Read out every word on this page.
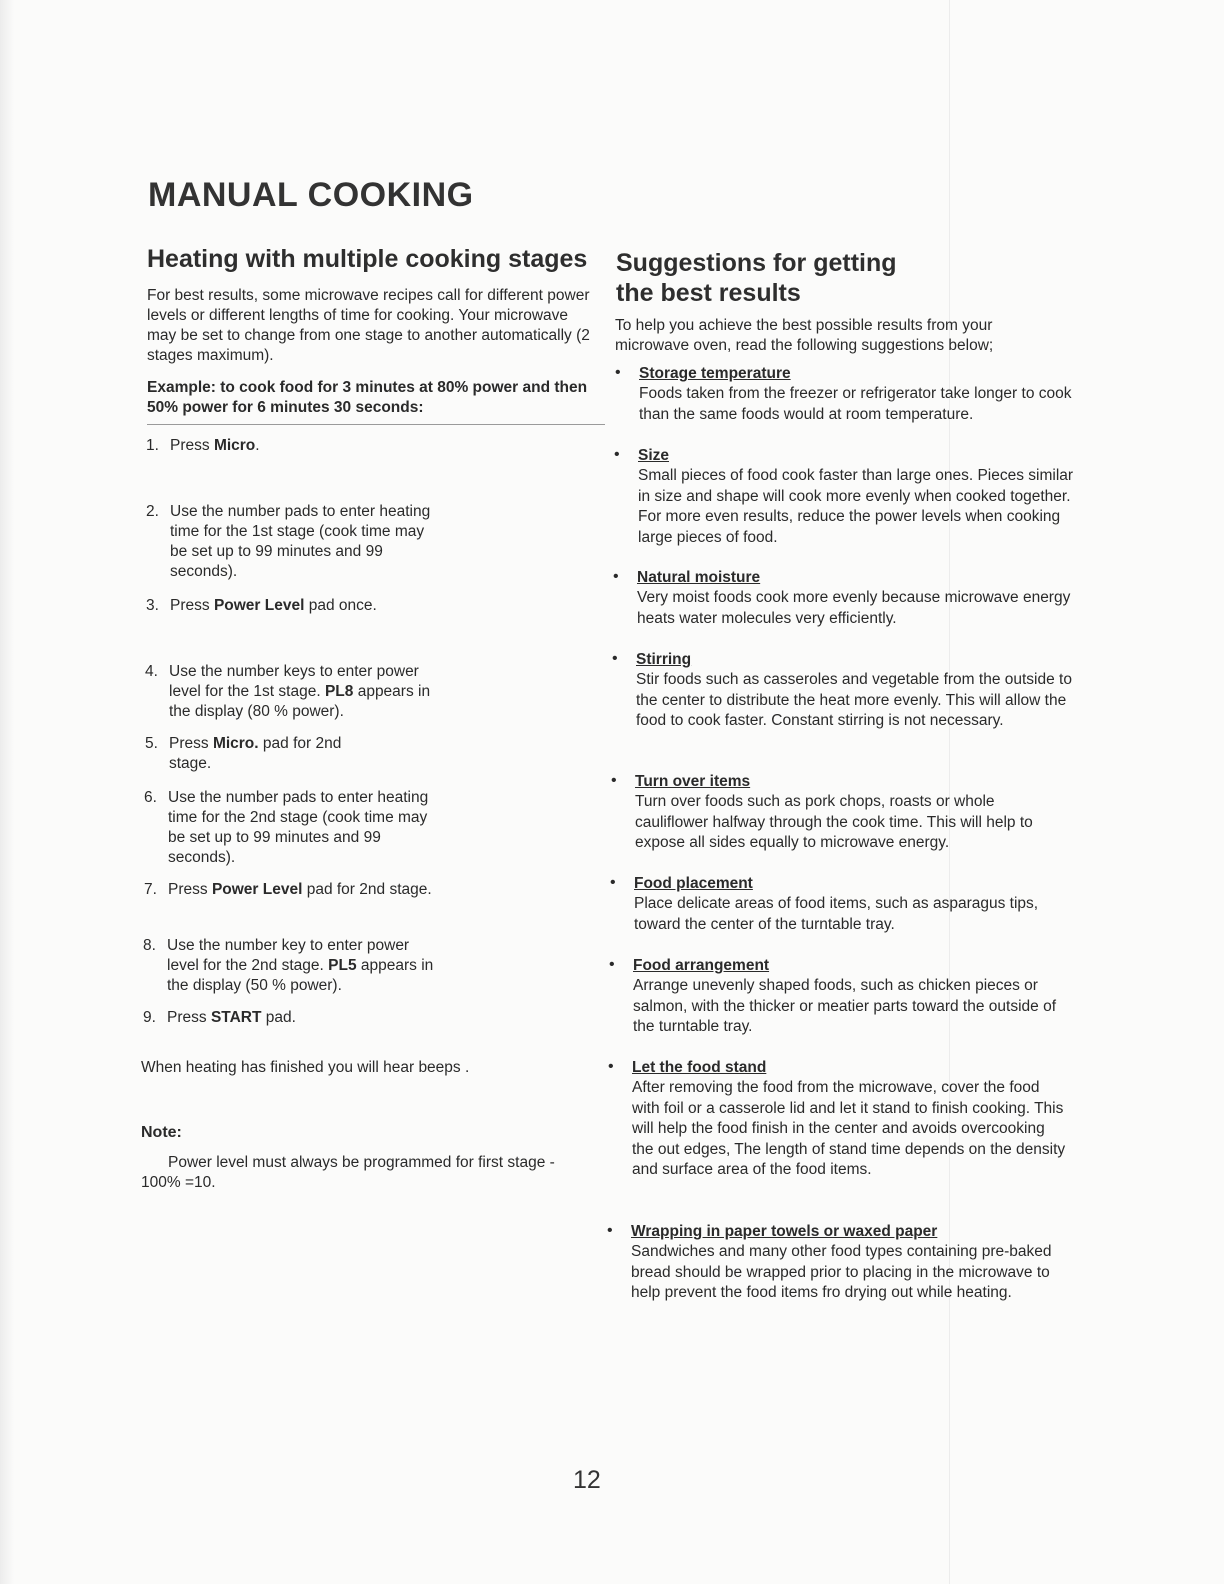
MANUAL COOKING
Heating with multiple cooking stages
For best results, some microwave recipes call for different power levels or different lengths of time for cooking. Your microwave may be set to change from one stage to another automatically (2 stages maximum).
Example: to cook food for 3 minutes at 80% power and then 50% power for 6 minutes 30 seconds:
1. Press Micro.
2. Use the number pads to enter heating time for the 1st stage (cook time may be set up to 99 minutes and 99 seconds).
3. Press Power Level pad once.
4. Use the number keys to enter power level for the 1st stage. PL8 appears in the display (80 % power).
5. Press Micro. pad for 2nd stage.
6. Use the number pads to enter heating time for the 2nd stage (cook time may be set up to 99 minutes and 99 seconds).
7. Press Power Level pad for 2nd stage.
8. Use the number key to enter power level for the 2nd stage. PL5 appears in the display (50 % power).
9. Press START pad.
When heating has finished you will hear beeps .
Note:
Power level must always be programmed for first stage - 100% =10.
Suggestions for getting
the best results
To help you achieve the best possible results from your microwave oven, read the following suggestions below;
•	Storage temperature
Foods taken from the freezer or refrigerator take longer to cook than the same foods would at room temperature.
•	Size
Small pieces of food cook faster than large ones. Pieces similar in size and shape will cook more evenly when cooked together. For more even results, reduce the power levels when cooking large pieces of food.
•	Natural moisture
Very moist foods cook more evenly because microwave energy heats water molecules very efficiently.
•	Stirring
Stir foods such as casseroles and vegetable from the outside to the center to distribute the heat more evenly. This will allow the food to cook faster. Constant stirring is not necessary.
•	Turn over items
Turn over foods such as pork chops, roasts or whole cauliflower halfway through the cook time. This will help to expose all sides equally to microwave energy.
•	Food placement
Place delicate areas of food items, such as asparagus tips, toward the center of the turntable tray.
•	Food arrangement
Arrange unevenly shaped foods, such as chicken pieces or salmon, with the thicker or meatier parts toward the outside of the turntable tray.
•	Let the food stand
After removing the food from the microwave, cover the food with foil or a casserole lid and let it stand to finish cooking. This will help the food finish in the center and avoids overcooking the out edges, The length of stand time depends on the density and surface area of the food items.
•	Wrapping in paper towels or waxed paper
Sandwiches and many other food types containing pre-baked bread should be wrapped prior to placing in the microwave to help prevent the food items fro drying out while heating.
12
